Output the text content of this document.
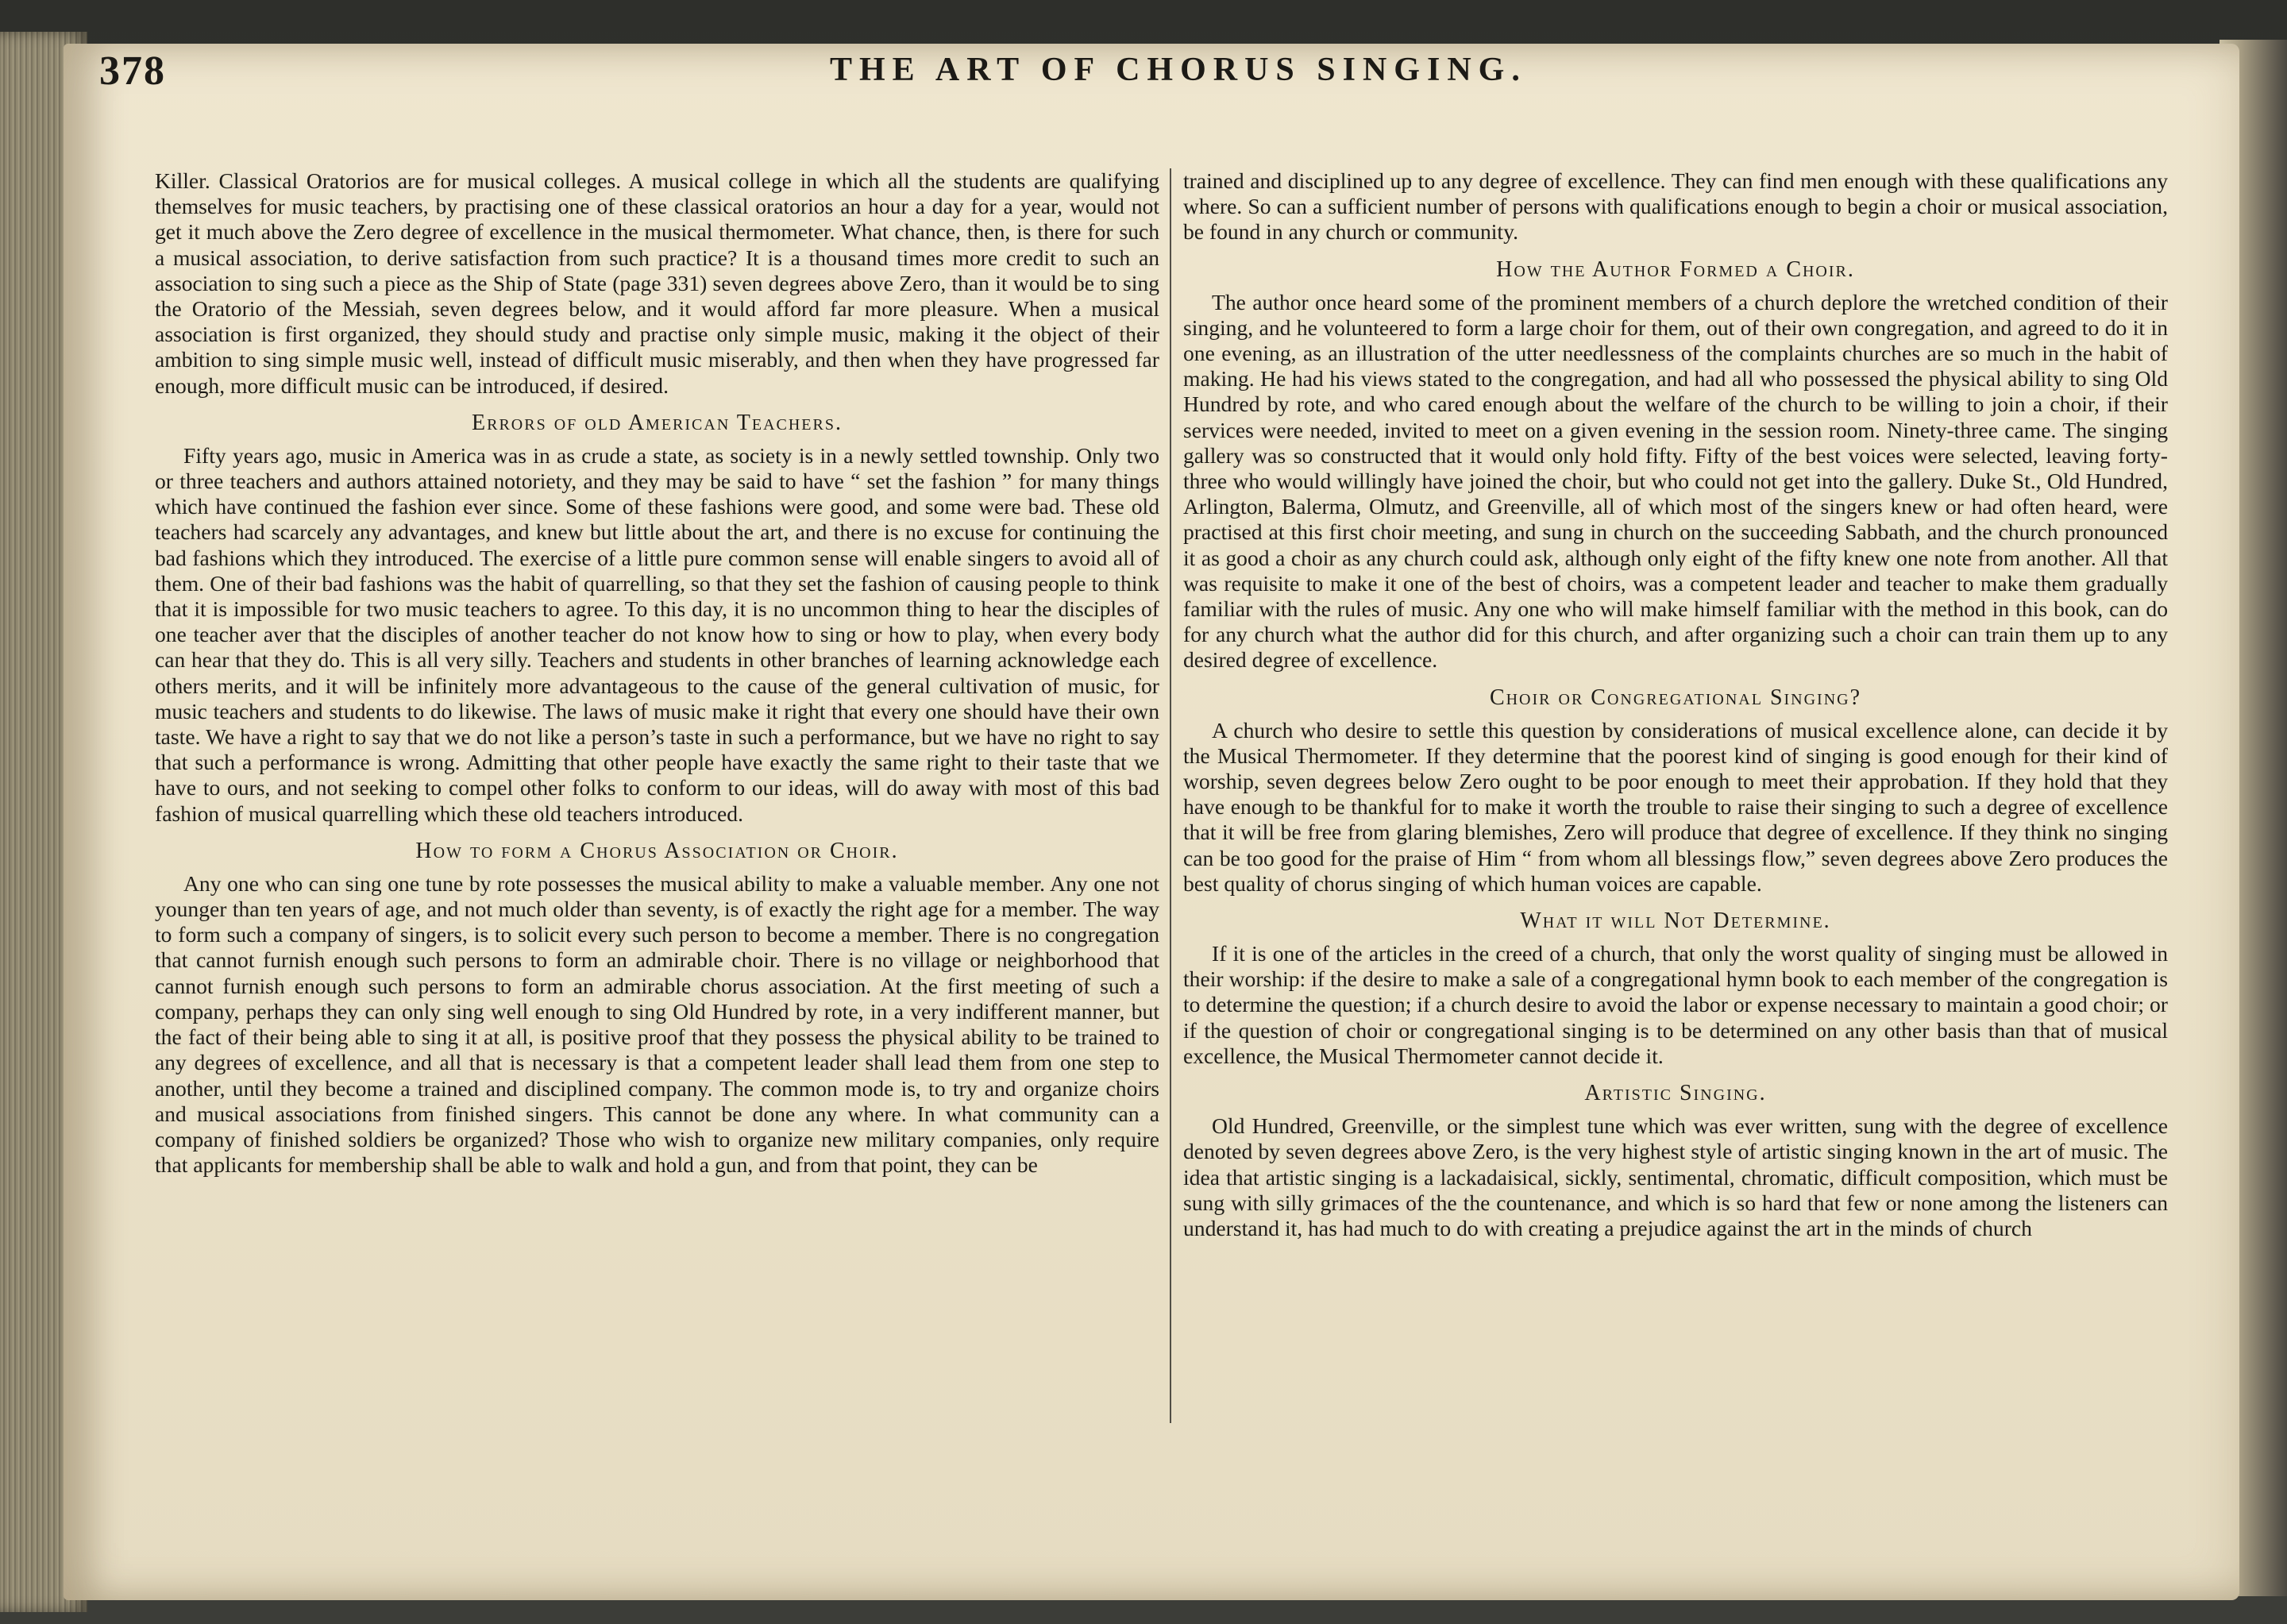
378	THE ART OF CHORUS SINGING.

Killer. Classical Oratorios are for musical colleges. A musical college in which all the students are qualifying themselves for music teachers, by practising one of these classical oratorios an hour a day for a year, would not get it much above the Zero degree of excellence in the musical thermometer. What chance, then, is there for such a musical association, to derive satisfaction from such practice? It is a thousand times more credit to such an association to sing such a piece as the Ship of State (page 331) seven degrees above Zero, than it would be to sing the Oratorio of the Messiah, seven degrees below, and it would afford far more pleasure. When a musical association is first organized, they should study and practise only simple music, making it the object of their ambition to sing simple music well, instead of difficult music miserably, and then when they have progressed far enough, more difficult music can be introduced, if desired.

Errors of old American Teachers.

Fifty years ago, music in America was in as crude a state, as society is in a newly settled township. Only two or three teachers and authors attained notoriety, and they may be said to have “ set the fashion ” for many things which have continued the fashion ever since. Some of these fashions were good, and some were bad. These old teachers had scarcely any advantages, and knew but little about the art, and there is no excuse for continuing the bad fashions which they introduced. The exercise of a little pure common sense will enable singers to avoid all of them. One of their bad fashions was the habit of quarrelling, so that they set the fashion of causing people to think that it is impossible for two music teachers to agree. To this day, it is no uncommon thing to hear the disciples of one teacher aver that the disciples of another teacher do not know how to sing or how to play, when every body can hear that they do. This is all very silly. Teachers and students in other branches of learning acknowledge each others merits, and it will be infinitely more advantageous to the cause of the general cultivation of music, for music teachers and students to do likewise. The laws of music make it right that every one should have their own taste. We have a right to say that we do not like a person’s taste in such a performance, but we have no right to say that such a performance is wrong. Admitting that other people have exactly the same right to their taste that we have to ours, and not seeking to compel other folks to conform to our ideas, will do away with most of this bad fashion of musical quarrelling which these old teachers introduced.

How to form a Chorus Association or Choir.

Any one who can sing one tune by rote possesses the musical ability to make a valuable member. Any one not younger than ten years of age, and not much older than seventy, is of exactly the right age for a member. The way to form such a company of singers, is to solicit every such person to become a member. There is no congregation that cannot furnish enough such persons to form an admirable choir. There is no village or neighborhood that cannot furnish enough such persons to form an admirable chorus association. At the first meeting of such a company, perhaps they can only sing well enough to sing Old Hundred by rote, in a very indifferent manner, but the fact of their being able to sing it at all, is positive proof that they possess the physical ability to be trained to any degrees of excellence, and all that is necessary is that a competent leader shall lead them from one step to another, until they become a trained and disciplined company. The common mode is, to try and organize choirs and musical associations from finished singers. This cannot be done any where. In what community can a company of finished soldiers be organized? Those who wish to organize new military companies, only require that applicants for membership shall be able to walk and hold a gun, and from that point, they can be

trained and disciplined up to any degree of excellence. They can find men enough with these qualifications any where. So can a sufficient number of persons with qualifications enough to begin a choir or musical association, be found in any church or community.

How the Author Formed a Choir.

The author once heard some of the prominent members of a church deplore the wretched condition of their singing, and he volunteered to form a large choir for them, out of their own congregation, and agreed to do it in one evening, as an illustration of the utter needlessness of the complaints churches are so much in the habit of making. He had his views stated to the congregation, and had all who possessed the physical ability to sing Old Hundred by rote, and who cared enough about the welfare of the church to be willing to join a choir, if their services were needed, invited to meet on a given evening in the session room. Ninety-three came. The singing gallery was so constructed that it would only hold fifty. Fifty of the best voices were selected, leaving forty-three who would willingly have joined the choir, but who could not get into the gallery. Duke St., Old Hundred, Arlington, Balerma, Olmutz, and Greenville, all of which most of the singers knew or had often heard, were practised at this first choir meeting, and sung in church on the succeeding Sabbath, and the church pronounced it as good a choir as any church could ask, although only eight of the fifty knew one note from another. All that was requisite to make it one of the best of choirs, was a competent leader and teacher to make them gradually familiar with the rules of music. Any one who will make himself familiar with the method in this book, can do for any church what the author did for this church, and after organizing such a choir can train them up to any desired degree of excellence.

Choir or Congregational Singing?

A church who desire to settle this question by considerations of musical excellence alone, can decide it by the Musical Thermometer. If they determine that the poorest kind of singing is good enough for their kind of worship, seven degrees below Zero ought to be poor enough to meet their approbation. If they hold that they have enough to be thankful for to make it worth the trouble to raise their singing to such a degree of excellence that it will be free from glaring blemishes, Zero will produce that degree of excellence. If they think no singing can be too good for the praise of Him “ from whom all blessings flow,” seven degrees above Zero produces the best quality of chorus singing of which human voices are capable.

What it will Not Determine.

If it is one of the articles in the creed of a church, that only the worst quality of singing must be allowed in their worship: if the desire to make a sale of a congregational hymn book to each member of the congregation is to determine the question; if a church desire to avoid the labor or expense necessary to maintain a good choir; or if the question of choir or congregational singing is to be determined on any other basis than that of musical excellence, the Musical Thermometer cannot decide it.

Artistic Singing.

Old Hundred, Greenville, or the simplest tune which was ever written, sung with the degree of excellence denoted by seven degrees above Zero, is the very highest style of artistic singing known in the art of music. The idea that artistic singing is a lackadaisical, sickly, sentimental, chromatic, difficult composition, which must be sung with silly grimaces of the the countenance, and which is so hard that few or none among the listeners can understand it, has had much to do with creating a prejudice against the art in the minds of church
